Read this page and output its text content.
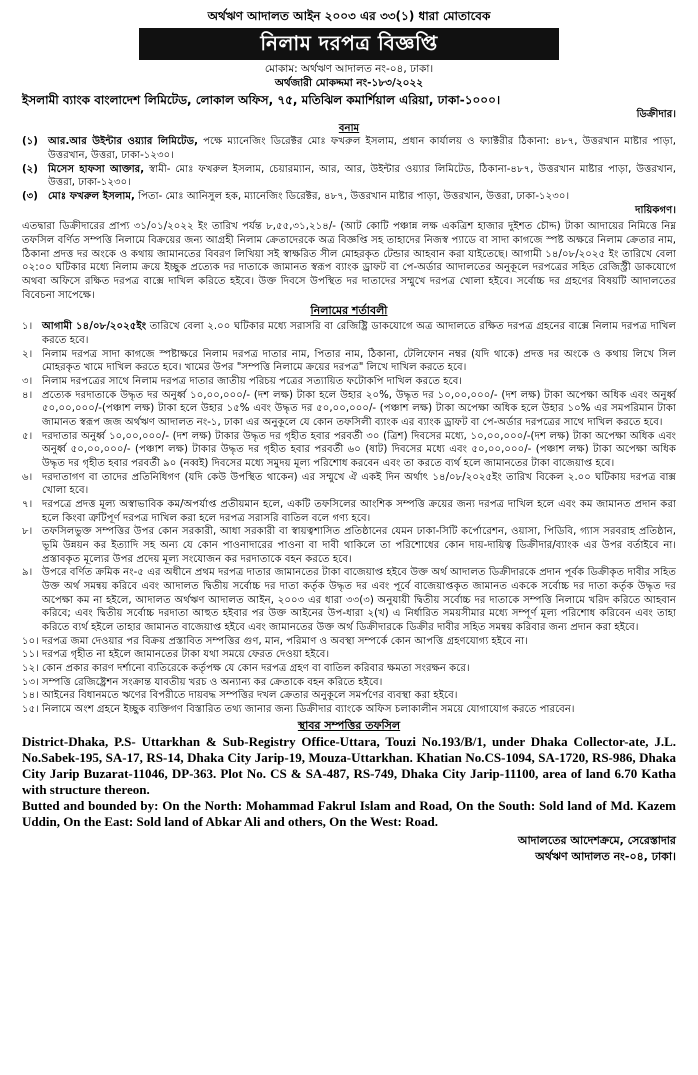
অর্থঋণ আদালত আইন ২০০৩ এর ৩৩(১) ধারা মোতাবেক
নিলাম দরপত্র বিজ্ঞপ্তি
মোকাম: অর্থঋণ আদালত নং-০৪, ঢাকা।
অর্থজারী মোকদ্দমা নং-১৮৩/২০২২
ইসলামী ব্যাংক বাংলাদেশ লিমিটেড, লোকাল অফিস, ৭৫, মতিঝিল কমার্শিয়াল এরিয়া, ঢাকা-১০০০।
ডিক্রীদার।
বনাম
(১) আর.আর উইন্টার ওয়্যার লিমিটেড, পক্ষে ম্যানেজিং ডিরেক্টর মোঃ ফখরুল ইসলাম, প্রধান কার্যালয় ও ফ্যাক্টরীর ঠিকানা: ৪৮৭, উত্তরখান মাষ্টার পাড়া, উত্তরখান, উত্তরা, ঢাকা-১২৩০।
(২) মিসেস হাফসা আক্তার, স্বামী- মোঃ ফখরুল ইসলাম, চেয়ারম্যান, আর, আর, উইন্টার ওয়্যার লিমিটেড, ঠিকানা-৪৮৭, উত্তরখান মাষ্টার পাড়া, উত্তরখান, উত্তরা, ঢাকা-১২৩০।
(৩) মোঃ ফখরুল ইসলাম, পিতা- মোঃ আনিসুল হক, ম্যানেজিং ডিরেক্টর, ৪৮৭, উত্তরখান মাষ্টার পাড়া, উত্তরখান, উত্তরা, ঢাকা-১২৩০।
দায়িকগণ।
এতদ্বারা ডিক্রীদারের প্রাপ্য ৩১/০১/২০২২ ইং তারিখ পর্যন্ত ৮,৫৫,৩১,২১৪/- (আট কোটি পঞ্চান্ন লক্ষ একত্রিশ হাজার দুইশত চৌদ্দ) টাকা আদায়ের নিমিত্তে নিম্ন তফসিল বর্ণিত সম্পত্তি নিলামে বিক্রয়ের জন্য আগ্রহী নিলাম ক্রেতাদেরকে অত্র বিজ্ঞপ্তি সহ তাহাদের নিজস্ব প্যাডে বা সাদা কাগজে স্পষ্ট অক্ষরে নিলাম ক্রেতার নাম, ঠিকানা প্রদত্ত দর অংকে ও কথায় জামানতের বিবরণ লিখিয়া সই স্বাক্ষরিত সীল মোহরকৃত টেন্ডার আহবান করা যাইতেছে। আগামী ১৪/০৮/২০২৫ ইং তারিখে বেলা ০২:০০ ঘটিকার মধ্যে নিলাম ক্রয়ে ইচ্ছুক প্রত্যেক দর দাতাকে জামানত স্বরূপ ব্যাংক ড্রাফট বা পে-অর্ডার আদালতের অনুকূলে দরপত্রের সহিত রেজিস্ট্রী ডাকযোগে অথবা অফিসে রক্ষিত দরপত্র বাক্সে দাখিল করিতে হইবে। উক্ত দিবসে উপস্থিত দর দাতাদের সম্মুখে দরপত্র খোলা হইবে। সর্বোচ্চ দর গ্রহণের বিষয়টি আদালতের বিবেচনা সাপেক্ষে।
নিলামের শর্তাবলী
১। আগামী ১৪/০৮/২০২৫ইং তারিখে বেলা ২.০০ ঘটিকার মধ্যে সরাসরি বা রেজিষ্ট্রি ডাকযোগে অত্র আদালতে রক্ষিত দরপত্র গ্রহনের বাক্সে নিলাম দরপত্র দাখিল করতে হবে।
২। নিলাম দরপত্র সাদা কাগজে স্পষ্টাক্ষরে নিলাম দরপত্র দাতার নাম, পিতার নাম, ঠিকানা, টেলিফোন নম্বর (যদি থাকে) প্রদত্ত দর অংকে ও কথায় লিখে সিল মোহরকৃত খামে দাখিল করতে হবে। খামের উপর "সম্পত্তি নিলামে ক্রয়ের দরপত্র" লিখে দাখিল করতে হবে।
৩। নিলাম দরপত্রের সাথে নিলাম দরপত্র দাতার জাতীয় পরিচয় পত্রের সত্যায়িত ফটোকপি দাখিল করতে হবে।
৪। প্রত্যেক দরদাতাকে উদ্ধৃত দর অনুর্ধ্ব ১০,০০,০০০/- (দশ লক্ষ) টাকা হলে উহার ২০%, উদ্ধৃত দর ১০,০০,০০০/- (দশ লক্ষ) টাকা অপেক্ষা অধিক এবং অনুর্ধ্ব ৫০,০০,০০০/-(পঞ্চাশ লক্ষ) টাকা হলে উহার ১৫% এবং উদ্ধৃত দর ৫০,০০,০০০/- (পঞ্চাশ লক্ষ) টাকা অপেক্ষা অধিক হলে উহার ১০% এর সমপরিমান টাকা জামানত স্বরূপ জজ অর্থঋণ আদালত নং-১, ঢাকা এর অনুকূলে যে কোন তফসিলী ব্যাংক এর ব্যাংক ড্রাফট বা পে-অর্ডার দরপত্রের সাথে দাখিল করতে হবে।
৫। দরদাতার অনুর্ধ্ব ১০,০০,০০০/- (দশ লক্ষ) টাকার উদ্ধৃত দর গৃহীত হবার পরবর্তী ৩০ (ত্রিশ) দিবসের মধ্যে, ১০,০০,০০০/-(দশ লক্ষ) টাকা অপেক্ষা অধিক এবং অনুর্ধ্ব ৫০,০০,০০০/- (পঞ্চাশ লক্ষ) টাকার উদ্ধৃত দর গৃহীত হবার পরবর্তী ৬০ (ষাট) দিবসের মধ্যে এবং ৫০,০০,০০০/- (পঞ্চাশ লক্ষ) টাকা অপেক্ষা অধিক উদ্ধৃত দর গৃহীত হবার পরবর্তী ৯০ (নব্বই) দিবসের মধ্যে সমুদয় মূল্য পরিশোধ করবেন এবং তা করতে ব্যর্থ হলে জামানতের টাকা বাজেয়াপ্ত হবে।
৬। দরদাতাগণ বা তাদের প্রতিনিধিগণ (যদি কেউ উপস্থিত থাকেন) এর সম্মুখে ঐ একই দিন অর্থাৎ ১৪/০৮/২০২৫ইং তারিখ বিকেল ২.০০ ঘটিকায় দরপত্র বাক্স খোলা হবে।
৭। দরপত্রে প্রদত্ত মূল্য অস্বাভাবিক কম/অপর্যাপ্ত প্রতীয়মান হলে, একটি তফসিলের আংশিক সম্পত্তি ক্রয়ের জন্য দরপত্র দাখিল হলে এবং কম জামানত প্রদান করা হলে কিংবা ত্রুটিপূর্ণ দরপত্র দাখিল করা হলে দরপত্র সরাসরি বাতিল বলে গণ্য হবে।
৮। তফসিলভুক্ত সম্পত্তির উপর কোন সরকারী, আধা সরকারী বা স্বায়ত্বশাসিত প্রতিষ্ঠানের যেমন ঢাকা-সিটি কর্পোরেশন, ওয়াসা, পিডিবি, গ্যাস সরবরাহ প্রতিষ্ঠান, ভূমি উন্নয়ন কর ইত্যাদি সহ অন্য যে কোন পাওনাদারের পাওনা বা দাবী থাকিলে তা পরিশোধের কোন দায়-দায়িত্ব ডিক্রীদার/ব্যাংক এর উপর বর্তাইবে না। প্রস্তাবকৃত মূল্যের উপর প্রদেয় মূল্য সংযোজন কর দরদাতাকে বহন করতে হবে।
৯। উপরে বর্ণিত ক্রমিক নং-৫ এর অধীনে প্রথম দরপত্র দাতার জামানতের টাকা বাজেয়াপ্ত হইবে উক্ত অর্থ আদালত ডিক্রীদারকে প্রদান পূর্বক ডিক্রীকৃত দাবীর সহিত উক্ত অর্থ সমন্বয় করিবে এবং আদালত দ্বিতীয় সর্বোচ্চ দর দাতা কর্তৃক উদ্ধৃত দর এবং পূর্বে বাজেয়াপ্তকৃত জামানত এককে সর্বোচ্চ দর দাতা কর্তৃক উদ্ধৃত দর অপেক্ষা কম না হইলে, আদালত অর্থঋণ আদালত আইন, ২০০৩ এর ধারা ৩৩(৩) অনুযায়ী দ্বিতীয় সর্বোচ্চ দর দাতাকে সম্পত্তি নিলামে খরিদ করিতে আহবান করিবে; এবং দ্বিতীয় সর্বোচ্চ দরদাতা আহুত হইবার পর উক্ত আইনের উপ-ধারা ২(খ) এ নির্ধারিত সময়সীমার মধ্যে সম্পূর্ণ মূল্য পরিশোধ করিবেন এবং তাহা করিতে ব্যর্থ হইলে তাহার জামানত বাজেয়াপ্ত হইবে এবং জামানতের উক্ত অর্থ ডিক্রীদারকে ডিক্রীর দাবীর সহিত সমন্বয় করিবার জন্য প্রদান করা হইবে।
১০। দরপত্র জমা দেওয়ার পর বিক্রয় প্রস্তাবিত সম্পত্তির গুণ, মান, পরিমাণ ও অবস্থা সম্পর্কে কোন আপত্তি গ্রহণযোগ্য হইবে না।
১১। দরপত্র গৃহীত না হইলে জামানতের টাকা যথা সময়ে ফেরত দেওয়া হইবে।
১২। কোন প্রকার কারণ দর্শানো ব্যতিরেকে কর্তৃপক্ষ যে কোন দরপত্র গ্রহণ বা বাতিল করিবার ক্ষমতা সংরক্ষন করে।
১৩। সম্পত্তি রেজিষ্ট্রেশন সংক্রান্ত যাবতীয় খরচ ও অন্যান্য কর ক্রেতাকে বহন করিতে হইবে।
১৪। আইনের বিধানমতে ঋণের বিপরীতে দায়বদ্ধ সম্পত্তির দখল ক্রেতার অনুকূলে সমর্পণের ব্যবস্থা করা হইবে।
১৫। নিলামে অংশ গ্রহনে ইচ্ছুক ব্যক্তিগণ বিস্তারিত তথ্য জানার জন্য ডিক্রীদার ব্যাংকে অফিস চলাকালীন সময়ে যোগাযোগ করতে পারবেন।
স্থাবর সম্পত্তির তফসিল
District-Dhaka, P.S- Uttarkhan & Sub-Registry Office-Uttara, Touzi No.193/B/1, under Dhaka Collector-ate, J.L. No.Sabek-195, SA-17, RS-14, Dhaka City Jarip-19, Mouza-Uttarkhan. Khatian No.CS-1094, SA-1720, RS-986, Dhaka City Jarip Buzarat-11046, DP-363. Plot No. CS & SA-487, RS-749, Dhaka City Jarip-11100, area of land 6.70 Katha with structure thereon.
Butted and bounded by: On the North: Mohammad Fakrul Islam and Road, On the South: Sold land of Md. Kazem Uddin, On the East: Sold land of Abkar Ali and others, On the West: Road.
আদালতের আদেশক্রমে, সেরেস্তাদার
অর্থঋণ আদালত নং-০৪, ঢাকা।
